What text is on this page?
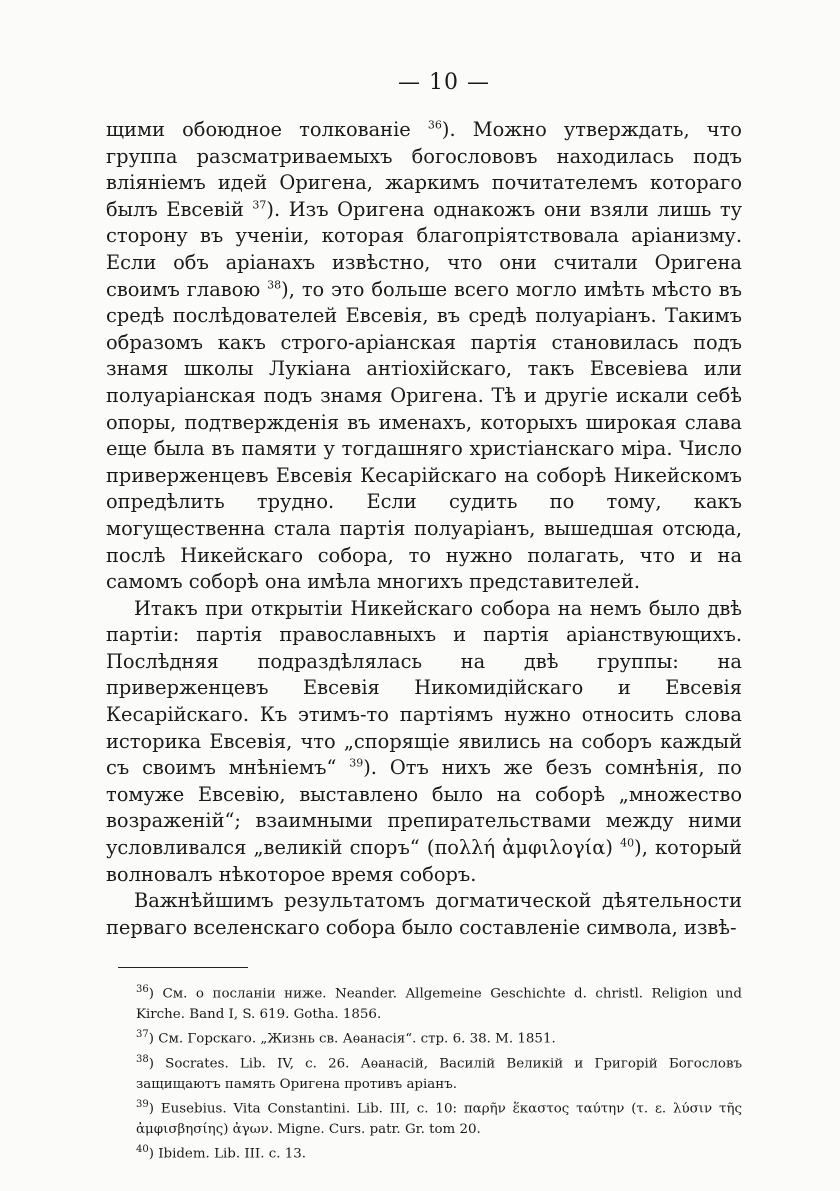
— 10 —

щими обоюдное толкованіе $^{36}$). Можно утверждать, что группа разсматриваемыхъ богослововъ находилась подъ вліяніемъ идей Оригена, жаркимъ почитателемъ котораго былъ Евсевій $^{37}$). Изъ Оригена однакожъ они взяли лишь ту сторону въ ученіи, которая благопріятствовала аріанизму. Если объ аріанахъ извѣстно, что они считали Оригена своимъ главою $^{38}$), то это больше всего могло имѣть мѣсто въ средѣ послѣдователей Евсевія, въ средѣ полуаріанъ. Такимъ образомъ какъ строго-аріанская партія становилась подъ знамя школы Лукіана антіохійскаго, такъ Евсевіева или полуаріанская подъ знамя Оригена. Тѣ и другіе искали себѣ опоры, подтвержденія въ именахъ, которыхъ широкая слава еще была въ памяти у тогдашняго христіанскаго міра. Число приверженцевъ Евсевія Кесарійскаго на соборѣ Никейскомъ опредѣлить трудно. Если судить по тому, какъ могущественна стала партія полуаріанъ, вышедшая отсюда, послѣ Никейскаго собора, то нужно полагать, что и на самомъ соборѣ она имѣла многихъ представителей.

Итакъ при открытіи Никейскаго собора на немъ было двѣ партіи: партія православныхъ и партія аріанствующихъ. Послѣдняя подраздѣлялась на двѣ группы: на приверженцевъ Евсевія Никомидійскаго и Евсевія Кесарійскаго. Къ этимъ-то партіямъ нужно относить слова историка Евсевія, что „спорящіе явились на соборъ каждый съ своимъ мнѣніемъ“ $^{39}$). Отъ нихъ же безъ сомнѣнія, по томуже Евсевію, выставлено было на соборѣ „множество возраженій“; взаимными препирательствами между ними условливался „великій споръ“ (πολλή ἀμφιλογία) $^{40}$), который волновалъ нѣкоторое время соборъ.

Важнѣйшимъ результатомъ догматической дѣятельности перваго вселенскаго собора было составленіе символа, извѣ-

$^{36}$) См. о посланіи ниже. Neander. Allgemeine Geschichte d. christl. Religion und Kirche. Band I, S. 619. Gotha. 1856.

$^{37}$) См. Горскаго. „Жизнь св. Аѳанасія“. стр. 6. 38. М. 1851.

$^{38}$) Socrates. Lib. IV, c. 26. Аѳанасій, Василій Великій и Григорій Богословъ защищаютъ память Оригена противъ аріанъ.

$^{39}$) Eusebius. Vita Constantini. Lib. III, c. 10: παρῆν ἕκαστος ταύτην (τ. ε. λύσιν τῆς ἀμφισβησίης) ἀγων. Migne. Curs. patr. Gr. tom 20.

$^{40}$) Ibidem. Lib. III. c. 13.
